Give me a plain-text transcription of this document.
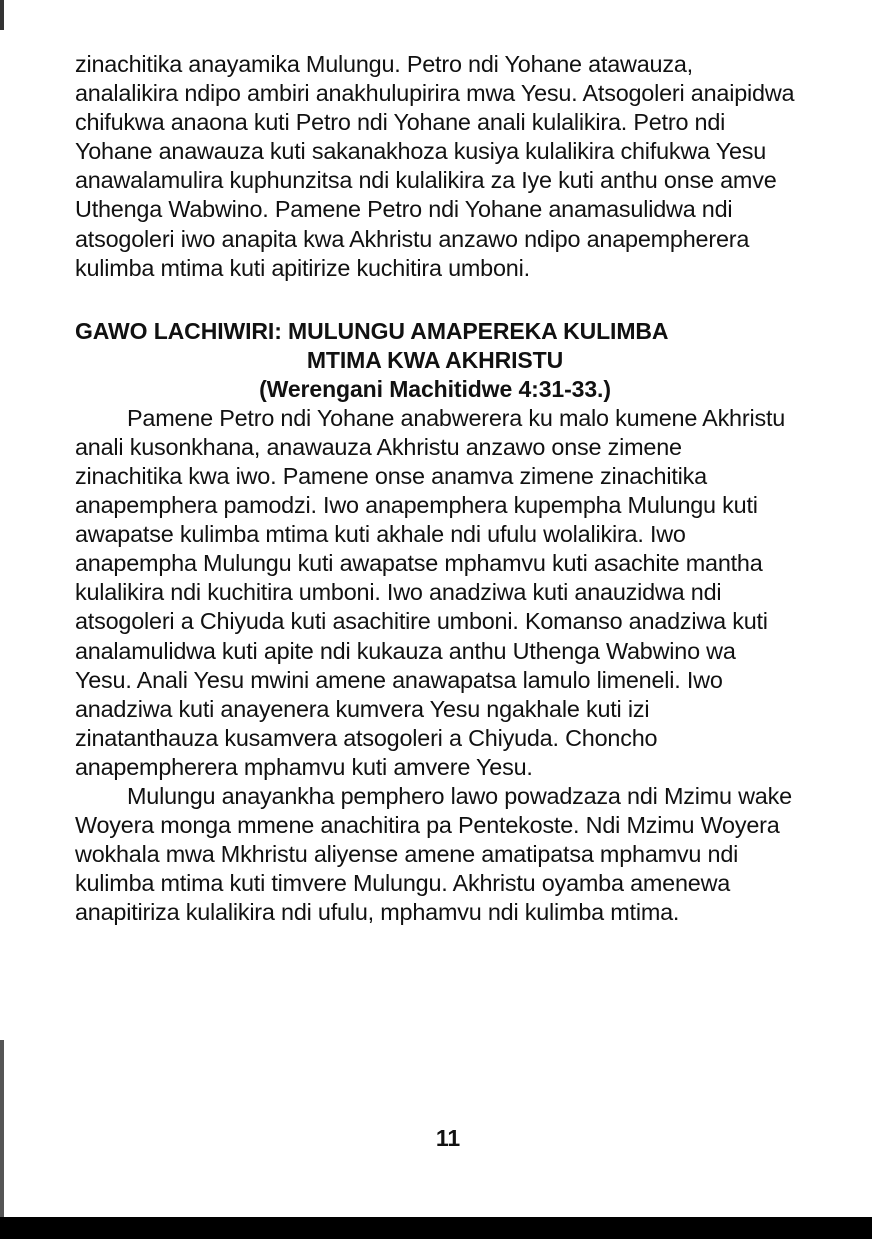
zinachitika anayamika Mulungu. Petro ndi Yohane atawauza, analalikira ndipo ambiri anakhulupirira mwa Yesu. Atsogoleri anaipidwa chifukwa anaona kuti Petro ndi Yohane anali kulalikira. Petro ndi Yohane anawauza kuti sakanakhoza kusiya kulalikira chifukwa Yesu anawalamulira kuphunzitsa ndi kulalikira za Iye kuti anthu onse amve Uthenga Wabwino. Pamene Petro ndi Yohane anamasulidwa ndi atsogoleri iwo anapita kwa Akhristu anzawo ndipo anapempherera kulimba mtima kuti apitirize kuchitira umboni.

GAWO LACHIWIRI: MULUNGU AMAPEREKA KULIMBA
MTIMA KWA AKHRISTU
(Werengani Machitidwe 4:31-33.)

Pamene Petro ndi Yohane anabwerera ku malo kumene Akhristu anali kusonkhana, anawauza Akhristu anzawo onse zimene zinachitika kwa iwo. Pamene onse anamva zimene zinachitika anapemphera pamodzi. Iwo anapemphera kupempha Mulungu kuti awapatse kulimba mtima kuti akhale ndi ufulu wolalikira. Iwo anapempha Mulungu kuti awapatse mphamvu kuti asachite mantha kulalikira ndi kuchitira umboni. Iwo anadziwa kuti anauzidwa ndi atsogoleri a Chiyuda kuti asachitire umboni. Komanso anadziwa kuti analamulidwa kuti apite ndi kukauza anthu Uthenga Wabwino wa Yesu. Anali Yesu mwini amene anawapatsa lamulo limeneli. Iwo anadziwa kuti anayenera kumvera Yesu ngakhale kuti izi zinatanthauza kusamvera atsogoleri a Chiyuda. Choncho anapempherera mphamvu kuti amvere Yesu.

Mulungu anayankha pemphero lawo powadzaza ndi Mzimu wake Woyera monga mmene anachitira pa Pentekoste. Ndi Mzimu Woyera wokhala mwa Mkhristu aliyense amene amatipatsa mphamvu ndi kulimba mtima kuti timvere Mulungu. Akhristu oyamba amenewa anapitiriza kulalikira ndi ufulu, mphamvu ndi kulimba mtima.

11
